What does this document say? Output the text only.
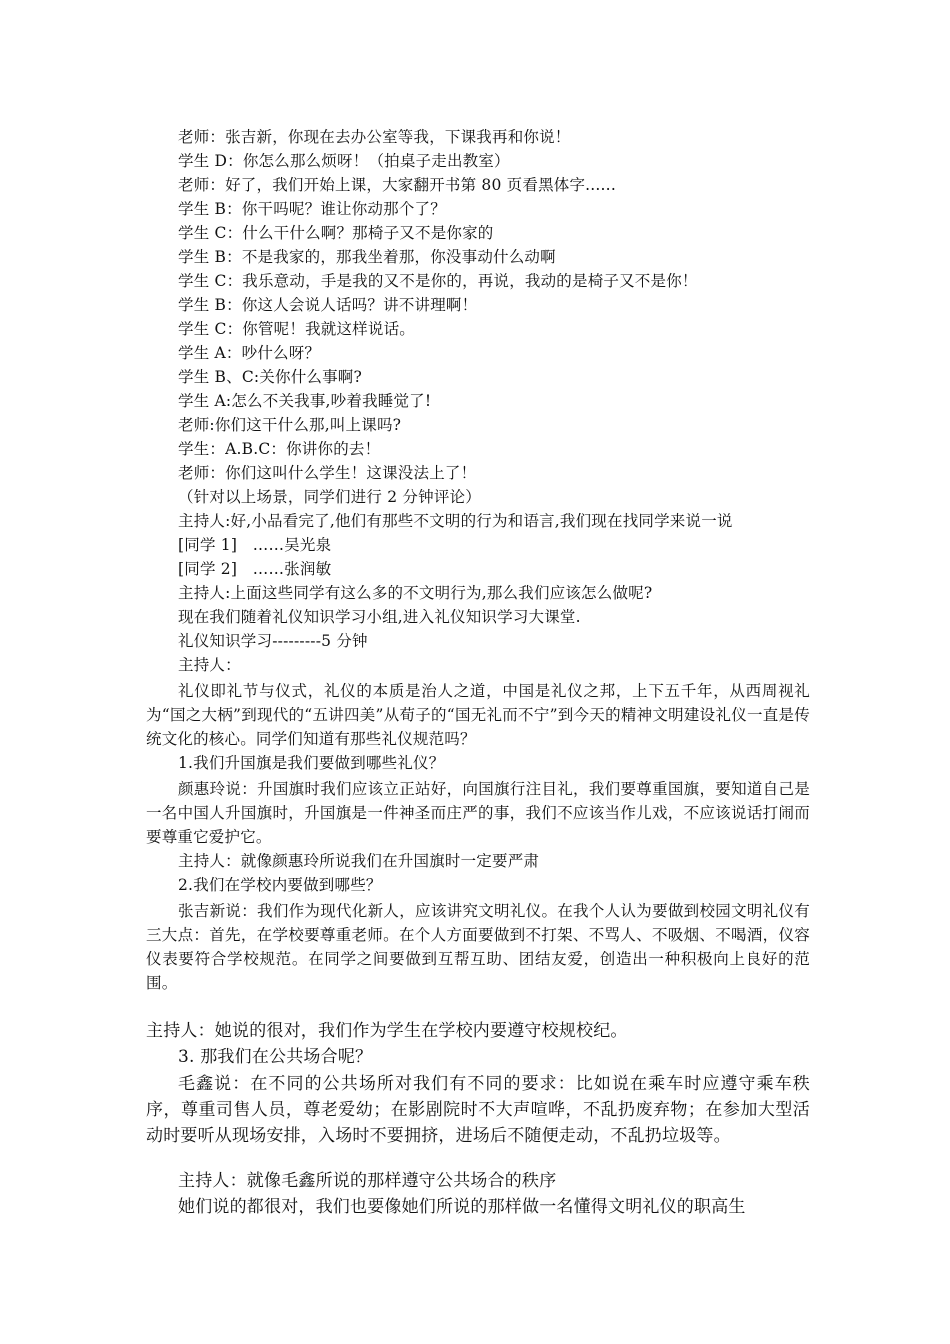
老师：张吉新，你现在去办公室等我，下课我再和你说！
学生 D：你怎么那么烦呀！（拍桌子走出教室）
老师：好了，我们开始上课，大家翻开书第 80 页看黑体字......
学生 B：你干吗呢？谁让你动那个了？
学生 C：什么干什么啊？那椅子又不是你家的
学生 B：不是我家的，那我坐着那，你没事动什么动啊
学生 C：我乐意动，手是我的又不是你的，再说，我动的是椅子又不是你！
学生 B：你这人会说人话吗？讲不讲理啊！
学生 C：你管呢！我就这样说话。
学生 A：吵什么呀？
学生 B、C:关你什么事啊?
学生 A:怎么不关我事,吵着我睡觉了!
老师:你们这干什么那,叫上课吗?
学生：A.B.C：你讲你的去！
老师：你们这叫什么学生！这课没法上了！
（针对以上场景，同学们进行 2 分钟评论）
主持人:好,小品看完了,他们有那些不文明的行为和语言,我们现在找同学来说一说
[同学 1]　……吴光泉
[同学 2]　……张润敏
主持人:上面这些同学有这么多的不文明行为,那么我们应该怎么做呢?
现在我们随着礼仪知识学习小组,进入礼仪知识学习大课堂.
礼仪知识学习---------5 分钟
主持人：

礼仪即礼节与仪式，礼仪的本质是治人之道，中国是礼仪之邦，上下五千年，从西周视礼为“国之大柄”到现代的“五讲四美”从荀子的“国无礼而不宁”到今天的精神文明建设礼仪一直是传统文化的核心。同学们知道有那些礼仪规范吗？

1.我们升国旗是我们要做到哪些礼仪？

颜惠玲说：升国旗时我们应该立正站好，向国旗行注目礼，我们要尊重国旗，要知道自己是一名中国人升国旗时，升国旗是一件神圣而庄严的事，我们不应该当作儿戏，不应该说话打闹而要尊重它爱护它。

主持人：就像颜惠玲所说我们在升国旗时一定要严肃
2.我们在学校内要做到哪些？

张吉新说：我们作为现代化新人，应该讲究文明礼仪。在我个人认为要做到校园文明礼仪有三大点：首先，在学校要尊重老师。在个人方面要做到不打架、不骂人、不吸烟、不喝酒，仪容仪表要符合学校规范。在同学之间要做到互帮互助、团结友爱，创造出一种积极向上良好的范围。

主持人：她说的很对，我们作为学生在学校内要遵守校规校纪。
3. 那我们在公共场合呢？

毛鑫说：在不同的公共场所对我们有不同的要求：比如说在乘车时应遵守乘车秩序，尊重司售人员，尊老爱幼；在影剧院时不大声喧哗，不乱扔废弃物；在参加大型活动时要听从现场安排，入场时不要拥挤，进场后不随便走动，不乱扔垃圾等。

主持人：就像毛鑫所说的那样遵守公共场合的秩序
她们说的都很对，我们也要像她们所说的那样做一名懂得文明礼仪的职高生
